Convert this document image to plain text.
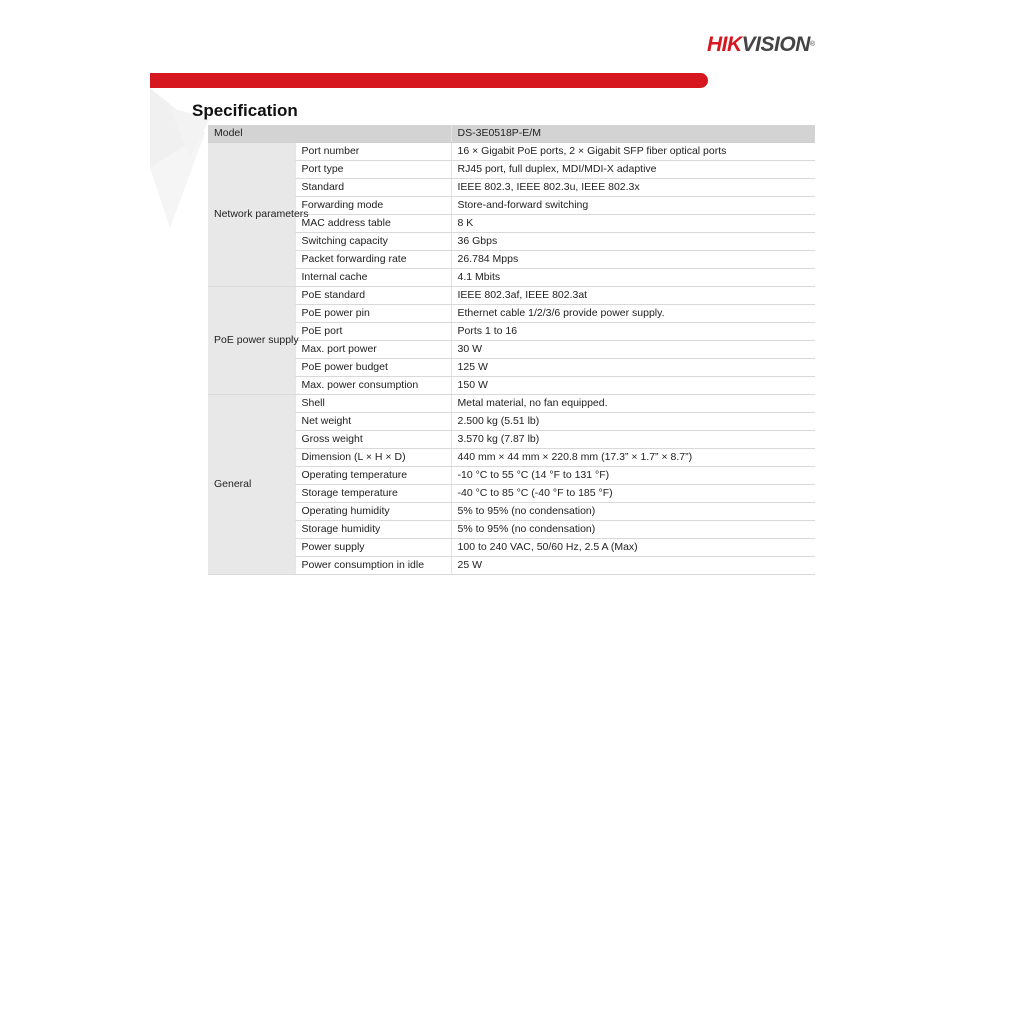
HIKVISION®
Specification
Model		DS-3E0518P-E/M
Network parameters	Port number	16 × Gigabit PoE ports, 2 × Gigabit SFP fiber optical ports
	Port type	RJ45 port, full duplex, MDI/MDI-X adaptive
	Standard	IEEE 802.3, IEEE 802.3u, IEEE 802.3x
	Forwarding mode	Store-and-forward switching
	MAC address table	8 K
	Switching capacity	36 Gbps
	Packet forwarding rate	26.784 Mpps
	Internal cache	4.1 Mbits
PoE power supply	PoE standard	IEEE 802.3af, IEEE 802.3at
	PoE power pin	Ethernet cable 1/2/3/6 provide power supply.
	PoE port	Ports 1 to 16
	Max. port power	30 W
	PoE power budget	125 W
	Max. power consumption	150 W
General	Shell	Metal material, no fan equipped.
	Net weight	2.500 kg (5.51 lb)
	Gross weight	3.570 kg (7.87 lb)
	Dimension (L × H × D)	440 mm × 44 mm × 220.8 mm (17.3” × 1.7” × 8.7”)
	Operating temperature	-10 °C to 55 °C (14 °F to 131 °F)
	Storage temperature	-40 °C to 85 °C (-40 °F to 185 °F)
	Operating humidity	5% to 95% (no condensation)
	Storage humidity	5% to 95% (no condensation)
	Power supply	100 to 240 VAC, 50/60 Hz, 2.5 A (Max)
	Power consumption in idle	25 W
